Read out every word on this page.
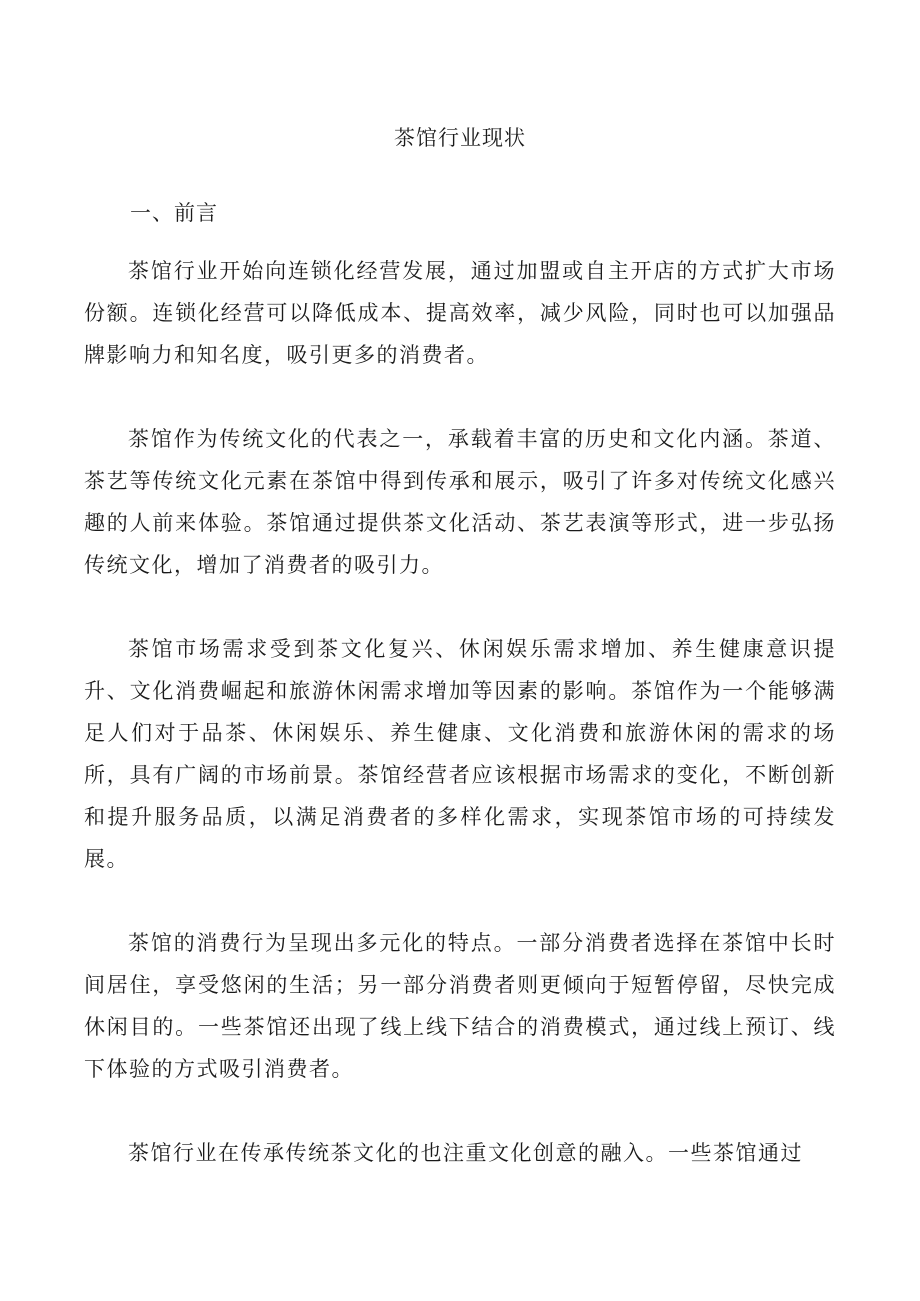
茶馆行业现状
一、前言

茶馆行业开始向连锁化经营发展，通过加盟或自主开店的方式扩大市场份额。连锁化经营可以降低成本、提高效率，减少风险，同时也可以加强品牌影响力和知名度，吸引更多的消费者。

茶馆作为传统文化的代表之一，承载着丰富的历史和文化内涵。茶道、茶艺等传统文化元素在茶馆中得到传承和展示，吸引了许多对传统文化感兴趣的人前来体验。茶馆通过提供茶文化活动、茶艺表演等形式，进一步弘扬传统文化，增加了消费者的吸引力。

茶馆市场需求受到茶文化复兴、休闲娱乐需求增加、养生健康意识提升、文化消费崛起和旅游休闲需求增加等因素的影响。茶馆作为一个能够满足人们对于品茶、休闲娱乐、养生健康、文化消费和旅游休闲的需求的场所，具有广阔的市场前景。茶馆经营者应该根据市场需求的变化，不断创新和提升服务品质，以满足消费者的多样化需求，实现茶馆市场的可持续发展。

茶馆的消费行为呈现出多元化的特点。一部分消费者选择在茶馆中长时间居住，享受悠闲的生活；另一部分消费者则更倾向于短暂停留，尽快完成休闲目的。一些茶馆还出现了线上线下结合的消费模式，通过线上预订、线下体验的方式吸引消费者。

茶馆行业在传承传统茶文化的也注重文化创意的融入。一些茶馆通过
